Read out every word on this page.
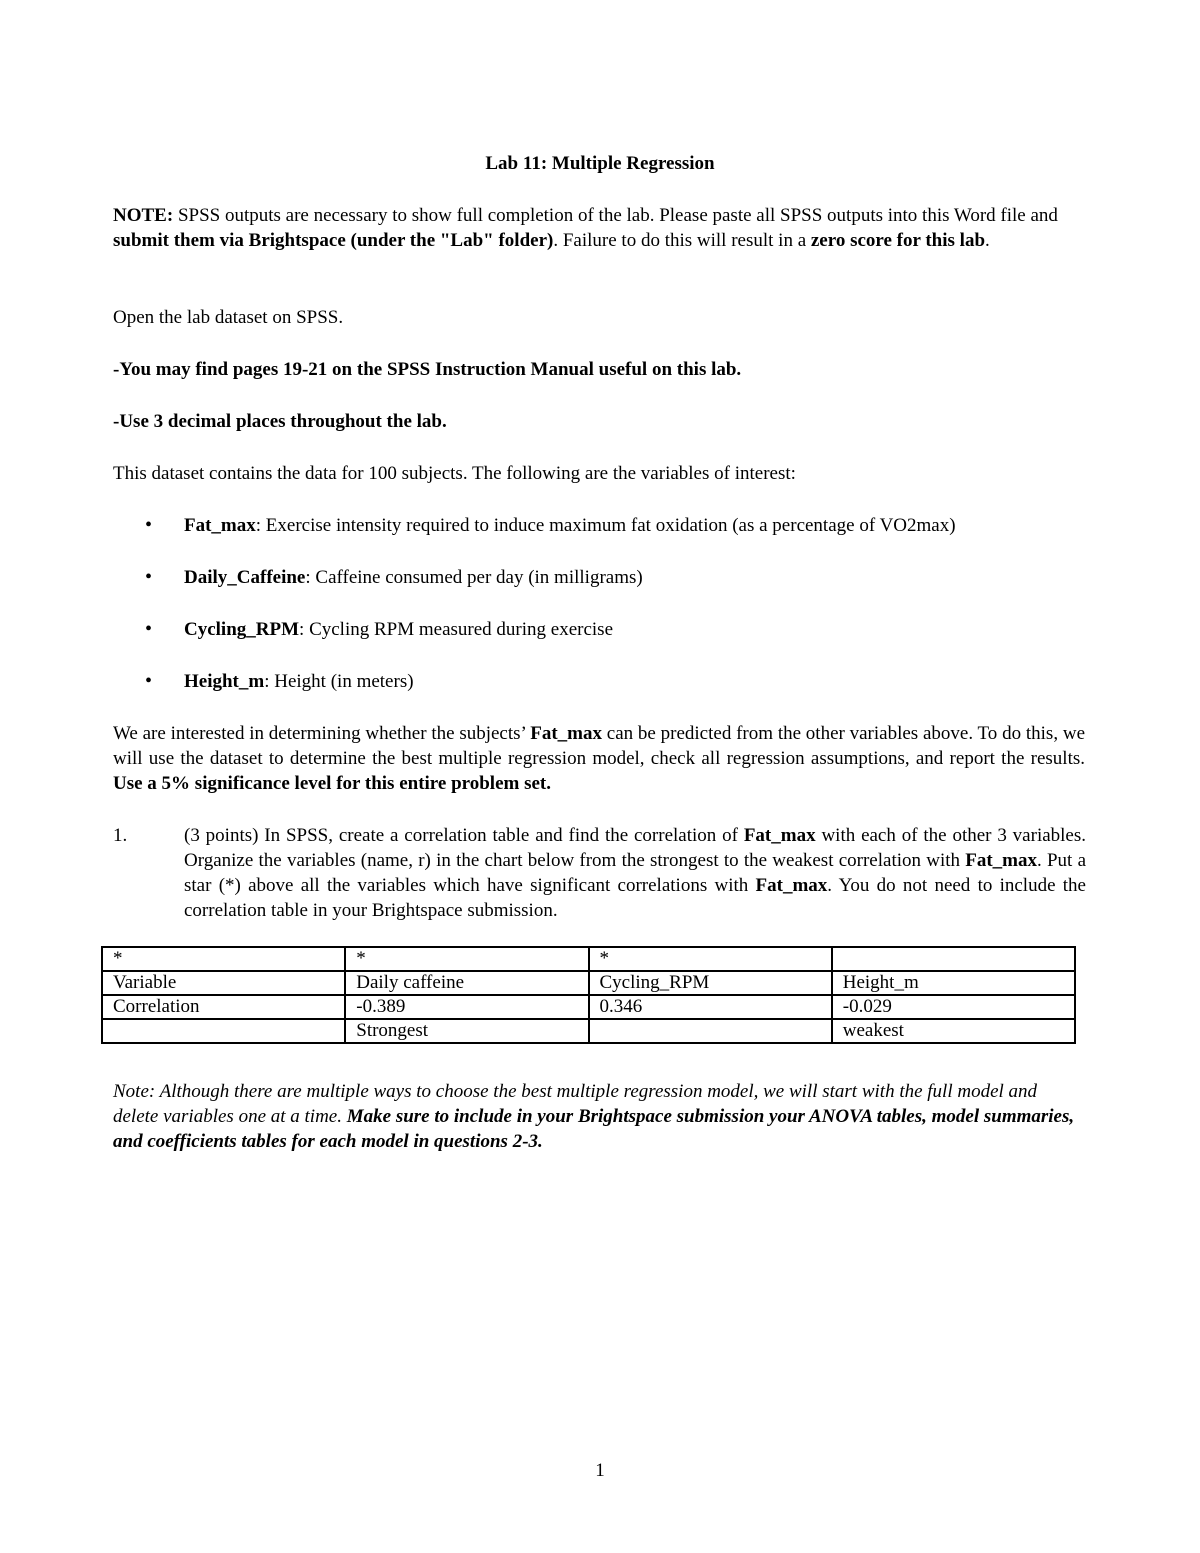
Lab 11: Multiple Regression
NOTE: SPSS outputs are necessary to show full completion of the lab. Please paste all SPSS outputs into this Word file and submit them via Brightspace (under the "Lab" folder). Failure to do this will result in a zero score for this lab.
Open the lab dataset on SPSS.
-You may find pages 19-21 on the SPSS Instruction Manual useful on this lab.
-Use 3 decimal places throughout the lab.
This dataset contains the data for 100 subjects. The following are the variables of interest:
• Fat_max: Exercise intensity required to induce maximum fat oxidation (as a percentage of VO2max)
• Daily_Caffeine: Caffeine consumed per day (in milligrams)
• Cycling_RPM: Cycling RPM measured during exercise
• Height_m: Height (in meters)
We are interested in determining whether the subjects’ Fat_max can be predicted from the other variables above. To do this, we will use the dataset to determine the best multiple regression model, check all regression assumptions, and report the results. Use a 5% significance level for this entire problem set.
1.	(3 points) In SPSS, create a correlation table and find the correlation of Fat_max with each of the other 3 variables. Organize the variables (name, r) in the chart below from the strongest to the weakest correlation with Fat_max. Put a star (*) above all the variables which have significant correlations with Fat_max. You do not need to include the correlation table in your Brightspace submission.
*	*	*	
Variable	Daily caffeine	Cycling_RPM	Height_m
Correlation	-0.389	0.346	-0.029
	Strongest		weakest
Note: Although there are multiple ways to choose the best multiple regression model, we will start with the full model and delete variables one at a time. Make sure to include in your Brightspace submission your ANOVA tables, model summaries, and coefficients tables for each model in questions 2-3.
1
